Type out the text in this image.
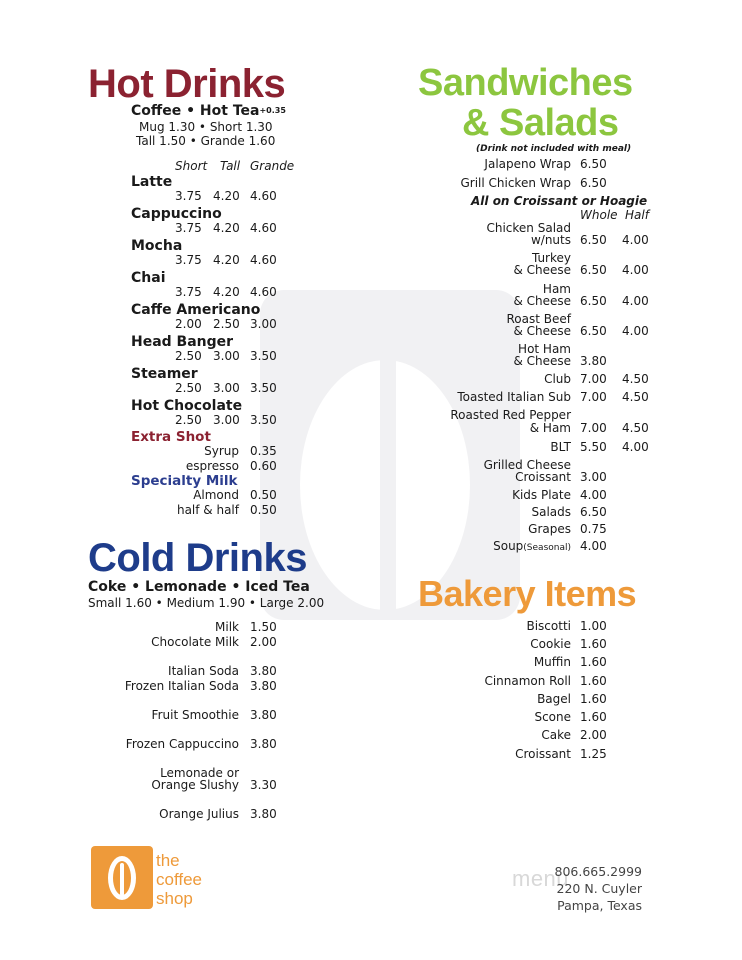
Hot Drinks
Coffee • Hot Tea+0.35
Mug 1.30 • Short 1.30
Tall 1.50 • Grande 1.60
Short Tall Grande
Latte
3.75 4.20 4.60
Cappuccino
3.75 4.20 4.60
Mocha
3.75 4.20 4.60
Chai
3.75 4.20 4.60
Caffe Americano
2.00 2.50 3.00
Head Banger
2.50 3.00 3.50
Steamer
2.50 3.00 3.50
Hot Chocolate
2.50 3.00 3.50
Extra Shot
Syrup 0.35
espresso 0.60
Specialty Milk
Almond 0.50
half & half 0.50
Cold Drinks
Coke • Lemonade • Iced Tea
Small 1.60 • Medium 1.90 • Large 2.00
Milk 1.50
Chocolate Milk 2.00
Italian Soda 3.80
Frozen Italian Soda 3.80
Fruit Smoothie 3.80
Frozen Cappuccino 3.80
Lemonade or
Orange Slushy 3.30
Orange Julius 3.80
Sandwiches
& Salads
(Drink not included with meal)
Jalapeno Wrap 6.50
Grill Chicken Wrap 6.50
All on Croissant or Hoagie
Whole Half
Chicken Salad
w/nuts 6.50 4.00
Turkey
& Cheese 6.50 4.00
Ham
& Cheese 6.50 4.00
Roast Beef
& Cheese 6.50 4.00
Hot Ham
& Cheese 3.80
Club 7.00 4.50
Toasted Italian Sub 7.00 4.50
Roasted Red Pepper
& Ham 7.00 4.50
BLT 5.50 4.00
Grilled Cheese
Croissant 3.00
Kids Plate 4.00
Salads 6.50
Grapes 0.75
Soup(Seasonal) 4.00
Bakery Items
Biscotti 1.00
Cookie 1.60
Muffin 1.60
Cinnamon Roll 1.60
Bagel 1.60
Scone 1.60
Cake 2.00
Croissant 1.25
the
coffee
shop
menu
806.665.2999
220 N. Cuyler
Pampa, Texas
